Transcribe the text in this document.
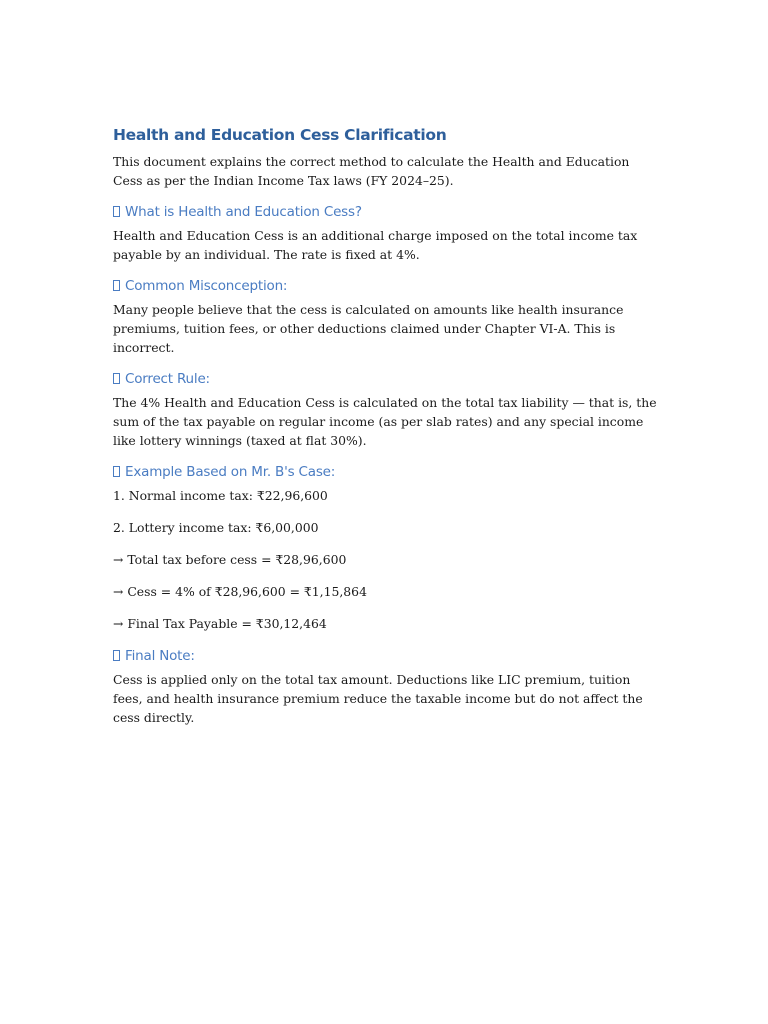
Health and Education Cess Clarification

This document explains the correct method to calculate the Health and Education Cess as per the Indian Income Tax laws (FY 2024–25).

What is Health and Education Cess?

Health and Education Cess is an additional charge imposed on the total income tax payable by an individual. The rate is fixed at 4%.

Common Misconception:

Many people believe that the cess is calculated on amounts like health insurance premiums, tuition fees, or other deductions claimed under Chapter VI-A. This is incorrect.

Correct Rule:

The 4% Health and Education Cess is calculated on the total tax liability — that is, the sum of the tax payable on regular income (as per slab rates) and any special income like lottery winnings (taxed at flat 30%).

Example Based on Mr. B's Case:

1. Normal income tax: ₹22,96,600

2. Lottery income tax: ₹6,00,000

→ Total tax before cess = ₹28,96,600

→ Cess = 4% of ₹28,96,600 = ₹1,15,864

→ Final Tax Payable = ₹30,12,464

Final Note:

Cess is applied only on the total tax amount. Deductions like LIC premium, tuition fees, and health insurance premium reduce the taxable income but do not affect the cess directly.
